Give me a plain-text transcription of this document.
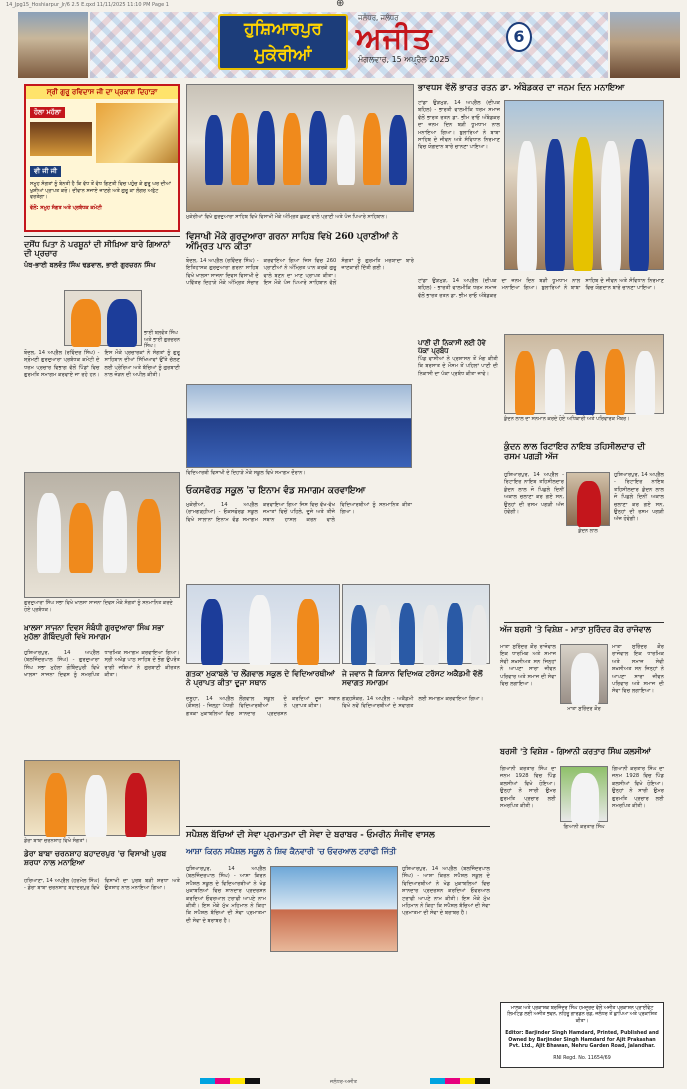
14_Jpg15_Hoshiarpur_Jr/6 2.5 E.qxd 11/11/2025 11:10 PM Page 1	⊕
ਹੁਸ਼ਿਆਰਪੁਰ
ਮੁਕੇਰੀਆਂ
ਜਲੰਧਰ, ਜਲੰਧਰ
ਅਜੀਤ
ਮੰਗਲਵਾਰ, 15 ਅਪ੍ਰੈਲ 2025
6
ਸ੍ਰੀ ਗੁਰੂ ਰਵਿਦਾਸ ਜੀ ਦਾ ਪ੍ਰਕਾਸ਼ ਦਿਹਾੜਾ
ਹੋਲਾ ਮਹੱਲਾ
ਵੀ ਜੀ ਜੀ
ਸਮੂਹ ਸੰਗਤਾਂ ਨੂੰ ਬੇਨਤੀ ਹੈ ਕਿ ਵੱਧ ਤੋਂ ਵੱਧ ਗਿਣਤੀ ਵਿਚ ਪਹੁੰਚ ਕੇ ਗੁਰੂ ਘਰ ਦੀਆਂ ਖੁਸ਼ੀਆਂ ਪ੍ਰਾਪਤ ਕਰੋ। ਦੀਵਾਨ ਸਜਾਏ ਜਾਣਗੇ ਅਤੇ ਗੁਰੂ ਕਾ ਲੰਗਰ ਅਤੁੱਟ ਵਰਤੇਗਾ।
ਵੱਲੋਂ: ਸਮੂਹ ਸੰਗਤ ਅਤੇ ਪ੍ਰਬੰਧਕ ਕਮੇਟੀ
ਮੁਕੇਰੀਆਂ ਵਿਖੇ ਗੁਰਦੁਆਰਾ ਸਾਹਿਬ ਵਿਖੇ ਵਿਸਾਖੀ ਮੌਕੇ ਅੰਮ੍ਰਿਤ ਛਕਣ ਵਾਲੇ ਪ੍ਰਾਣੀ ਅਤੇ ਪੰਜ ਪਿਆਰੇ ਸਾਹਿਬਾਨ।
ਵਿਸਾਖੀ ਮੌਕੇ ਗੁਰਦੁਆਰਾ ਗਰਨਾ ਸਾਹਿਬ ਵਿਖੇ 260 ਪ੍ਰਾਣੀਆਂ ਨੇ ਅੰਮ੍ਰਿਤ ਪਾਨ ਕੀਤਾ
ਬੋਦਲ, 14 ਅਪ੍ਰੈਲ (ਰਵਿੰਦਰ ਸਿੰਘ) - ਇਤਿਹਾਸਕ ਗੁਰਦੁਆਰਾ ਗਰਨਾ ਸਾਹਿਬ ਵਿਖੇ ਖਾਲਸਾ ਸਾਜਨਾ ਦਿਵਸ ਵਿਸਾਖੀ ਦੇ ਪਵਿੱਤਰ ਦਿਹਾੜੇ ਮੌਕੇ ਅੰਮ੍ਰਿਤ ਸੰਚਾਰ ਕਰਵਾਇਆ ਗਿਆ ਜਿਸ ਵਿਚ 260 ਪ੍ਰਾਣੀਆਂ ਨੇ ਅੰਮ੍ਰਿਤ ਪਾਨ ਕਰਕੇ ਗੁਰੂ ਵਾਲੇ ਬਣਨ ਦਾ ਮਾਣ ਪ੍ਰਾਪਤ ਕੀਤਾ। ਇਸ ਮੌਕੇ ਪੰਜ ਪਿਆਰੇ ਸਾਹਿਬਾਨ ਵੱਲੋਂ ਸੰਗਤਾਂ ਨੂੰ ਗੁਰਮਤਿ ਮਰਯਾਦਾ ਬਾਰੇ ਜਾਣਕਾਰੀ ਦਿੱਤੀ ਗਈ।
ਦਸੌਂਧ ਪਿਤਾ ਨੇ ਪਰਸ਼ੂਨਾਂ ਦੀ ਸੀਖ਼ਿਆ ਬਾਰੇ ਗਿਆਨਾਂ ਦੀ ਪ੍ਰਚਾਰ
ਪੰਥ-ਭਾਈ ਬਲਵੰਤ ਸਿੰਘ ਢਡਵਾਲ, ਭਾਈ ਗੁਰਚਰਨ ਸਿੰਘ
ਭਾਈ ਬਲਵੰਤ ਸਿੰਘ ਅਤੇ ਭਾਈ ਗੁਰਚਰਨ ਸਿੰਘ।
ਬੋਦਲ, 14 ਅਪ੍ਰੈਲ (ਰਵਿੰਦਰ ਸਿੰਘ) - ਸ਼੍ਰੋਮਣੀ ਗੁਰਦੁਆਰਾ ਪ੍ਰਬੰਧਕ ਕਮੇਟੀ ਦੇ ਧਰਮ ਪ੍ਰਚਾਰ ਵਿਭਾਗ ਵੱਲੋਂ ਪਿੰਡਾਂ ਵਿਚ ਗੁਰਮਤਿ ਸਮਾਗਮ ਕਰਵਾਏ ਜਾ ਰਹੇ ਹਨ। ਇਸ ਮੌਕੇ ਪ੍ਰਚਾਰਕਾਂ ਨੇ ਸੰਗਤਾਂ ਨੂੰ ਗੁਰੂ ਸਾਹਿਬਾਨ ਦੀਆਂ ਸਿੱਖਿਆਵਾਂ ਉੱਤੇ ਚੱਲਣ ਲਈ ਪ੍ਰੇਰਿਆ ਅਤੇ ਬੱਚਿਆਂ ਨੂੰ ਗੁਰਬਾਣੀ ਨਾਲ ਜੋੜਨ ਦੀ ਅਪੀਲ ਕੀਤੀ।
ਗੁਰਦੁਆਰਾ ਸਿੰਘ ਸਭਾ ਵਿਖੇ ਖਾਲਸਾ ਸਾਜਨਾ ਦਿਵਸ ਮੌਕੇ ਸੰਗਤਾਂ ਨੂੰ ਸਨਮਾਨਿਤ ਕਰਦੇ ਹੋਏ ਪ੍ਰਬੰਧਕ।
ਖ਼ਾਲਸਾ ਸਾਜਨਾ ਦਿਵਸ ਸੰਬੰਧੀ ਗੁਰਦੁਆਰਾ ਸਿੰਘ ਸਭਾ ਮੁਹੱਲਾ ਗੋਬਿੰਦਪੁਰੀ ਵਿਖੇ ਸਮਾਗਮ
ਹੁਸ਼ਿਆਰਪੁਰ, 14 ਅਪ੍ਰੈਲ (ਬਲਜਿੰਦਰਪਾਲ ਸਿੰਘ) - ਗੁਰਦੁਆਰਾ ਸਿੰਘ ਸਭਾ ਮੁਹੱਲਾ ਗੋਬਿੰਦਪੁਰੀ ਵਿਖੇ ਖਾਲਸਾ ਸਾਜਨਾ ਦਿਵਸ ਨੂੰ ਸਮਰਪਿਤ ਧਾਰਮਿਕ ਸਮਾਗਮ ਕਰਵਾਇਆ ਗਿਆ। ਸ੍ਰੀ ਅਖੰਡ ਪਾਠ ਸਾਹਿਬ ਦੇ ਭੋਗ ਉਪਰੰਤ ਰਾਗੀ ਜਥਿਆਂ ਨੇ ਗੁਰਬਾਣੀ ਕੀਰਤਨ ਕੀਤਾ।
ਡੇਰਾ ਬਾਬਾ ਚਰਨਸ਼ਾਹ ਵਿਖੇ ਸੰਗਤਾਂ।
ਡੇਰਾ ਬਾਬਾ ਚਰਨਸ਼ਾਹ ਬਹਾਦਰਪੁਰ 'ਚ ਵਿਸਾਖੀ ਪੁਰਬ ਸ਼ਰਧਾ ਨਾਲ ਮਨਾਇਆ
ਹਰਿਆਣਾ, 14 ਅਪ੍ਰੈਲ (ਹਰਮੇਲ ਸਿੰਘ) - ਡੇਰਾ ਬਾਬਾ ਚਰਨਸ਼ਾਹ ਬਹਾਦਰਪੁਰ ਵਿਖੇ ਵਿਸਾਖੀ ਦਾ ਪੁਰਬ ਬੜੀ ਸ਼ਰਧਾ ਅਤੇ ਉਤਸ਼ਾਹ ਨਾਲ ਮਨਾਇਆ ਗਿਆ।
ਵਿਦਿਆਰਥੀ ਵਿਸਾਖੀ ਦੇ ਦਿਹਾੜੇ ਮੌਕੇ ਸਕੂਲ ਵਿਖੇ ਸਮਾਗਮ ਦੌਰਾਨ।
ਓਕਸਫੋਰਡ ਸਕੂਲ 'ਚ ਇਨਾਮ ਵੰਡ ਸਮਾਗਮ ਕਰਵਾਇਆ
ਮੁਕੇਰੀਆਂ, 14 ਅਪ੍ਰੈਲ (ਰਾਮਗੜ੍ਹੀਆ) - ਓਕਸਫੋਰਡ ਸਕੂਲ ਵਿਖੇ ਸਾਲਾਨਾ ਇਨਾਮ ਵੰਡ ਸਮਾਗਮ ਕਰਵਾਇਆ ਗਿਆ ਜਿਸ ਵਿਚ ਵੱਖ-ਵੱਖ ਜਮਾਤਾਂ ਵਿਚੋਂ ਪਹਿਲੇ, ਦੂਜੇ ਅਤੇ ਤੀਜੇ ਸਥਾਨ ਹਾਸਲ ਕਰਨ ਵਾਲੇ ਵਿਦਿਆਰਥੀਆਂ ਨੂੰ ਸਨਮਾਨਿਤ ਕੀਤਾ ਗਿਆ।
ਗਤਕਾ ਮੁਕਾਬਲੇ 'ਚ ਲੌਂਗਵਾਲ ਸਕੂਲ ਦੇ ਵਿਦਿਆਰਥੀਆਂ ਨੇ ਪ੍ਰਾਪਤ ਕੀਤਾ ਦੂਜਾ ਸਥਾਨ
ਦਸੂਹਾ, 14 ਅਪ੍ਰੈਲ (ਕੌਸ਼ਲ) - ਜ਼ਿਲ੍ਹਾ ਪੱਧਰੀ ਗਤਕਾ ਮੁਕਾਬਲਿਆਂ ਵਿਚ ਲੌਂਗਵਾਲ ਸਕੂਲ ਦੇ ਵਿਦਿਆਰਥੀਆਂ ਨੇ ਸ਼ਾਨਦਾਰ ਪ੍ਰਦਰਸ਼ਨ ਕਰਦਿਆਂ ਦੂਜਾ ਸਥਾਨ ਪ੍ਰਾਪਤ ਕੀਤਾ।
ਜੇ ਜਵਾਨ ਜੈ ਕਿਸਾਨ ਵਿਦਿਅਕ ਟਰੱਸਟ ਅਕੈਡਮੀ ਵੱਲੋਂ ਸਵਾਗਤ ਸਮਾਗਮ
ਗੜ੍ਹਸ਼ੰਕਰ, 14 ਅਪ੍ਰੈਲ - ਅਕੈਡਮੀ ਵਿਖੇ ਨਵੇਂ ਵਿਦਿਆਰਥੀਆਂ ਦੇ ਸਵਾਗਤ ਲਈ ਸਮਾਗਮ ਕਰਵਾਇਆ ਗਿਆ।
ਸਪੈਸ਼ਲ ਬੱਚਿਆਂ ਦੀ ਸੇਵਾ ਪ੍ਰਮਾਤਮਾ ਦੀ ਸੇਵਾ ਦੇ ਬਰਾਬਰ - ਓਮਰੀਨ ਸੰਜੀਵ ਵਾਸਲ
ਆਸ਼ਾ ਕਿਰਨ ਸਪੈਸ਼ਲ ਸਕੂਲ ਨੇ ਸ਼ਿਵ ਕੈਨਵਾਰੀ 'ਚ ਓਵਰਆਲ ਟਰਾਫੀ ਜਿੱਤੀ
ਹੁਸ਼ਿਆਰਪੁਰ, 14 ਅਪ੍ਰੈਲ (ਬਲਜਿੰਦਰਪਾਲ ਸਿੰਘ) - ਆਸ਼ਾ ਕਿਰਨ ਸਪੈਸ਼ਲ ਸਕੂਲ ਦੇ ਵਿਦਿਆਰਥੀਆਂ ਨੇ ਖੇਡ ਮੁਕਾਬਲਿਆਂ ਵਿਚ ਸ਼ਾਨਦਾਰ ਪ੍ਰਦਰਸ਼ਨ ਕਰਦਿਆਂ ਓਵਰਆਲ ਟਰਾਫੀ ਆਪਣੇ ਨਾਮ ਕੀਤੀ। ਇਸ ਮੌਕੇ ਮੁੱਖ ਮਹਿਮਾਨ ਨੇ ਕਿਹਾ ਕਿ ਸਪੈਸ਼ਲ ਬੱਚਿਆਂ ਦੀ ਸੇਵਾ ਪ੍ਰਮਾਤਮਾ ਦੀ ਸੇਵਾ ਦੇ ਬਰਾਬਰ ਹੈ।
ਹੁਸ਼ਿਆਰਪੁਰ, 14 ਅਪ੍ਰੈਲ (ਬਲਜਿੰਦਰਪਾਲ ਸਿੰਘ) - ਆਸ਼ਾ ਕਿਰਨ ਸਪੈਸ਼ਲ ਸਕੂਲ ਦੇ ਵਿਦਿਆਰਥੀਆਂ ਨੇ ਖੇਡ ਮੁਕਾਬਲਿਆਂ ਵਿਚ ਸ਼ਾਨਦਾਰ ਪ੍ਰਦਰਸ਼ਨ ਕਰਦਿਆਂ ਓਵਰਆਲ ਟਰਾਫੀ ਆਪਣੇ ਨਾਮ ਕੀਤੀ। ਇਸ ਮੌਕੇ ਮੁੱਖ ਮਹਿਮਾਨ ਨੇ ਕਿਹਾ ਕਿ ਸਪੈਸ਼ਲ ਬੱਚਿਆਂ ਦੀ ਸੇਵਾ ਪ੍ਰਮਾਤਮਾ ਦੀ ਸੇਵਾ ਦੇ ਬਰਾਬਰ ਹੈ।
ਭਾਵਧਸ ਵੱਲੋਂ ਭਾਰਤ ਰਤਨ ਡਾ. ਅੰਬੇਡਕਰ ਦਾ ਜਨਮ ਦਿਨ ਮਨਾਇਆ
ਟਾਂਡਾ ਉੜਮੁੜ, 14 ਅਪ੍ਰੈਲ (ਦੀਪਕ ਬਹਿਲ) - ਭਾਰਤੀ ਵਾਲਮੀਕਿ ਧਰਮ ਸਮਾਜ ਵੱਲੋਂ ਭਾਰਤ ਰਤਨ ਡਾ. ਭੀਮ ਰਾਓ ਅੰਬੇਡਕਰ ਦਾ ਜਨਮ ਦਿਨ ਬੜੀ ਧੂਮਧਾਮ ਨਾਲ ਮਨਾਇਆ ਗਿਆ। ਬੁਲਾਰਿਆਂ ਨੇ ਬਾਬਾ ਸਾਹਿਬ ਦੇ ਜੀਵਨ ਅਤੇ ਸੰਵਿਧਾਨ ਨਿਰਮਾਣ ਵਿਚ ਯੋਗਦਾਨ ਬਾਰੇ ਚਾਨਣਾ ਪਾਇਆ।
ਟਾਂਡਾ ਉੜਮੁੜ, 14 ਅਪ੍ਰੈਲ (ਦੀਪਕ ਬਹਿਲ) - ਭਾਰਤੀ ਵਾਲਮੀਕਿ ਧਰਮ ਸਮਾਜ ਵੱਲੋਂ ਭਾਰਤ ਰਤਨ ਡਾ. ਭੀਮ ਰਾਓ ਅੰਬੇਡਕਰ ਦਾ ਜਨਮ ਦਿਨ ਬੜੀ ਧੂਮਧਾਮ ਨਾਲ ਮਨਾਇਆ ਗਿਆ। ਬੁਲਾਰਿਆਂ ਨੇ ਬਾਬਾ ਸਾਹਿਬ ਦੇ ਜੀਵਨ ਅਤੇ ਸੰਵਿਧਾਨ ਨਿਰਮਾਣ ਵਿਚ ਯੋਗਦਾਨ ਬਾਰੇ ਚਾਨਣਾ ਪਾਇਆ।
ਪਾਣੀ ਦੀ ਨਿਕਾਸੀ ਲਈ ਹੋਵੇ ਪੱਕਾ ਪ੍ਰਬੰਧ
ਪਿੰਡ ਵਾਸੀਆਂ ਨੇ ਪ੍ਰਸ਼ਾਸਨ ਤੋਂ ਮੰਗ ਕੀਤੀ ਕਿ ਬਰਸਾਤ ਦੇ ਮੌਸਮ ਤੋਂ ਪਹਿਲਾਂ ਪਾਣੀ ਦੀ ਨਿਕਾਸੀ ਦਾ ਪੱਕਾ ਪ੍ਰਬੰਧ ਕੀਤਾ ਜਾਵੇ।
ਕੁੰਦਨ ਲਾਲ ਦਾ ਸਨਮਾਨ ਕਰਦੇ ਹੋਏ ਅਧਿਕਾਰੀ ਅਤੇ ਪਰਿਵਾਰਕ ਮੈਂਬਰ।
ਕੁੰਦਨ ਲਾਲ ਰਿਟਾਇਰ ਨਾਇਬ ਤਹਿਸੀਲਦਾਰ ਦੀ ਰਸਮ ਪਗੜੀ ਅੱਜ
ਹੁਸ਼ਿਆਰਪੁਰ, 14 ਅਪ੍ਰੈਲ - ਰਿਟਾਇਰ ਨਾਇਬ ਤਹਿਸੀਲਦਾਰ ਕੁੰਦਨ ਲਾਲ ਜੋ ਪਿਛਲੇ ਦਿਨੀਂ ਅਕਾਲ ਚਲਾਣਾ ਕਰ ਗਏ ਸਨ, ਉਨ੍ਹਾਂ ਦੀ ਰਸਮ ਪਗੜੀ ਅੱਜ ਹੋਵੇਗੀ।
ਕੁੰਦਨ ਲਾਲ
ਹੁਸ਼ਿਆਰਪੁਰ, 14 ਅਪ੍ਰੈਲ - ਰਿਟਾਇਰ ਨਾਇਬ ਤਹਿਸੀਲਦਾਰ ਕੁੰਦਨ ਲਾਲ ਜੋ ਪਿਛਲੇ ਦਿਨੀਂ ਅਕਾਲ ਚਲਾਣਾ ਕਰ ਗਏ ਸਨ, ਉਨ੍ਹਾਂ ਦੀ ਰਸਮ ਪਗੜੀ ਅੱਜ ਹੋਵੇਗੀ।
ਅੱਜ ਬਰਸੀ 'ਤੇ ਵਿਸ਼ੇਸ਼ - ਮਾਤਾ ਸੁਰਿੰਦਰ ਕੌਰ ਰਾਜੋਵਾਲ
ਮਾਤਾ ਸੁਰਿੰਦਰ ਕੌਰ ਰਾਜੋਵਾਲ ਇਕ ਧਾਰਮਿਕ ਅਤੇ ਸਮਾਜ ਸੇਵੀ ਸ਼ਖ਼ਸੀਅਤ ਸਨ ਜਿਨ੍ਹਾਂ ਨੇ ਆਪਣਾ ਸਾਰਾ ਜੀਵਨ ਪਰਿਵਾਰ ਅਤੇ ਸਮਾਜ ਦੀ ਸੇਵਾ ਵਿਚ ਲਗਾਇਆ।
ਮਾਤਾ ਸੁਰਿੰਦਰ ਕੌਰ
ਮਾਤਾ ਸੁਰਿੰਦਰ ਕੌਰ ਰਾਜੋਵਾਲ ਇਕ ਧਾਰਮਿਕ ਅਤੇ ਸਮਾਜ ਸੇਵੀ ਸ਼ਖ਼ਸੀਅਤ ਸਨ ਜਿਨ੍ਹਾਂ ਨੇ ਆਪਣਾ ਸਾਰਾ ਜੀਵਨ ਪਰਿਵਾਰ ਅਤੇ ਸਮਾਜ ਦੀ ਸੇਵਾ ਵਿਚ ਲਗਾਇਆ।
ਬਰਸੀ 'ਤੇ ਵਿਸ਼ੇਸ਼ - ਗਿਆਨੀ ਕਰਤਾਰ ਸਿੰਘ ਕਲਸੀਆਂ
ਗਿਆਨੀ ਕਰਤਾਰ ਸਿੰਘ
ਗਿਆਨੀ ਕਰਤਾਰ ਸਿੰਘ ਦਾ ਜਨਮ 1928 ਵਿਚ ਪਿੰਡ ਕਲਸੀਆਂ ਵਿਖੇ ਹੋਇਆ। ਉਨ੍ਹਾਂ ਨੇ ਸਾਰੀ ਉਮਰ ਗੁਰਮਤਿ ਪ੍ਰਚਾਰ ਲਈ ਸਮਰਪਿਤ ਕੀਤੀ।
ਗਿਆਨੀ ਕਰਤਾਰ ਸਿੰਘ ਦਾ ਜਨਮ 1928 ਵਿਚ ਪਿੰਡ ਕਲਸੀਆਂ ਵਿਖੇ ਹੋਇਆ। ਉਨ੍ਹਾਂ ਨੇ ਸਾਰੀ ਉਮਰ ਗੁਰਮਤਿ ਪ੍ਰਚਾਰ ਲਈ ਸਮਰਪਿਤ ਕੀਤੀ।
ਮਾਲਕ ਅਤੇ ਪ੍ਰਕਾਸ਼ਕ ਬਰਜਿੰਦਰ ਸਿੰਘ ਹਮਦਰਦ ਵੱਲੋਂ ਅਜੀਤ ਪ੍ਰਕਾਸ਼ਨ ਪ੍ਰਾਈਵੇਟ ਲਿਮਟਿਡ ਲਈ ਅਜੀਤ ਭਵਨ, ਨਹਿਰੂ ਗਾਰਡਨ ਰੋਡ, ਜਲੰਧਰ ਤੋਂ ਛਾਪਿਆ ਅਤੇ ਪ੍ਰਕਾਸ਼ਿਤ ਕੀਤਾ।
Editor: Barjinder Singh Hamdard, Printed, Published and Owned by Barjinder Singh Hamdard for Ajit Prakashan Pvt. Ltd., Ajit Bhawan, Nehru Garden Road, Jalandhar.
RNI Regd. No. 11654/69
ਜਲੰਧਰ-ਅਜੀਤ
